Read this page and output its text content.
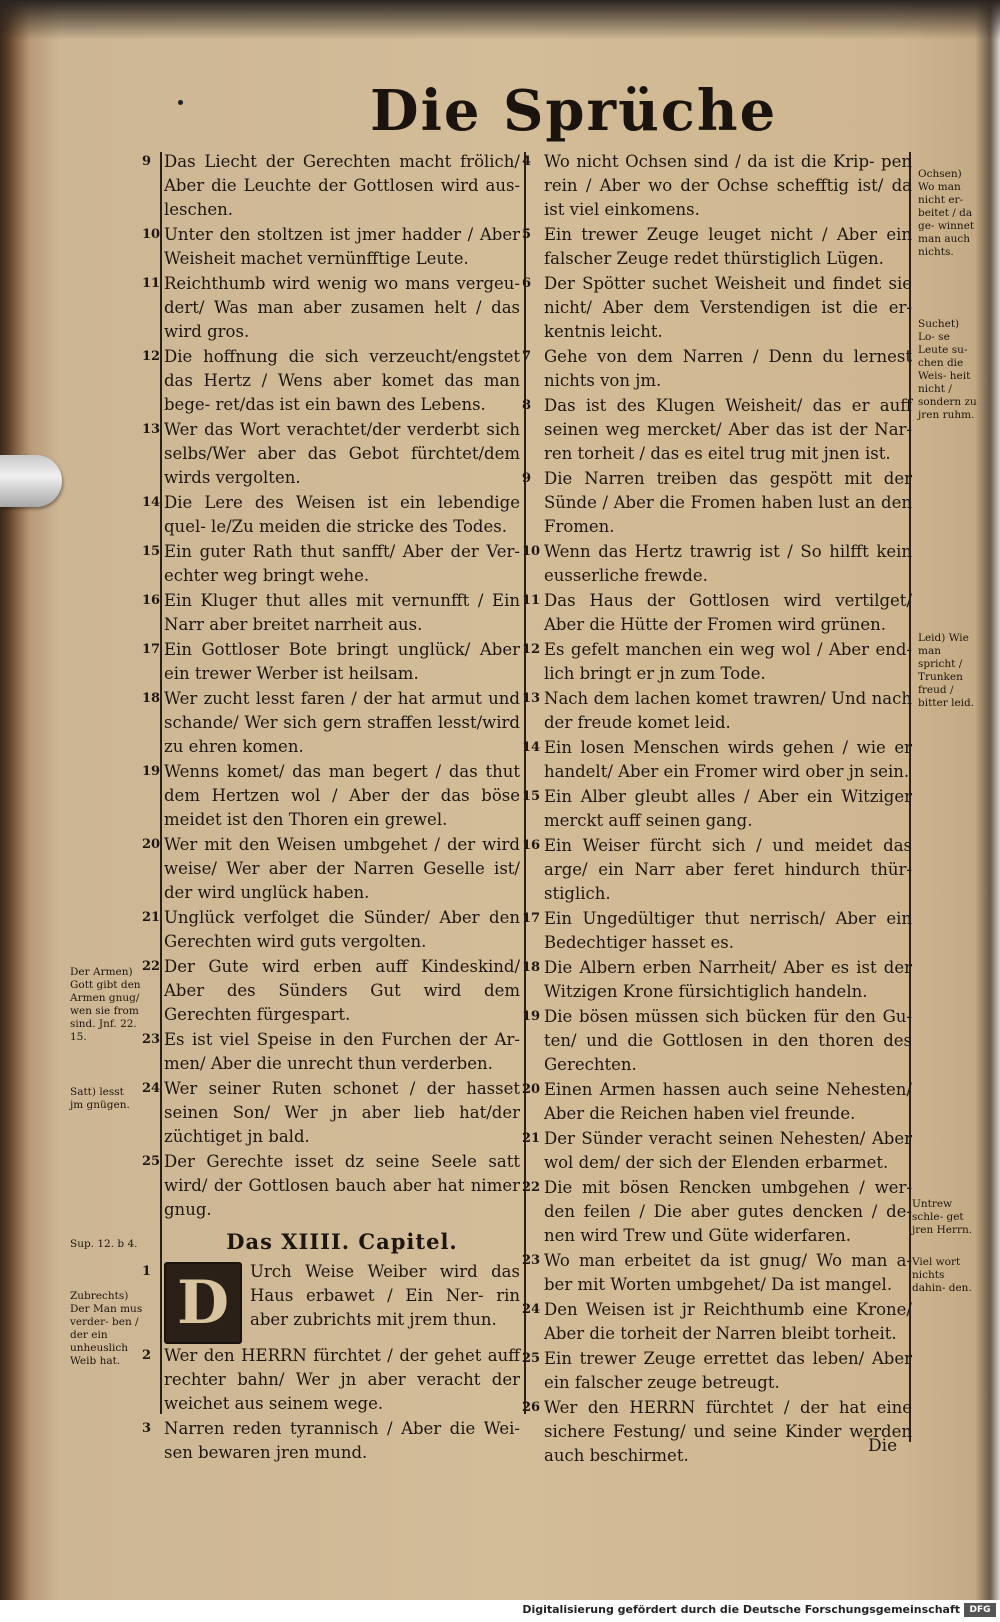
Die Sprüche
9 Das Liecht der Gerechten macht frölich/ Aber die Leuchte der Gottlosen wird aus‑ leschen.
10 Unter den stoltzen ist jmer hadder / Aber Weisheit machet vernünfftige Leute.
11 Reichthumb wird wenig wo mans vergeu‑ dert/ Was man aber zusamen helt / das wird gros.
12 Die hoffnung die sich verzeucht/engstet das Hertz / Wens aber komet das man bege‑ ret/das ist ein bawn des Lebens.
13 Wer das Wort verachtet/der verderbt sich selbs/Wer aber das Gebot fürchtet/dem wirds vergolten.
14 Die Lere des Weisen ist ein lebendige quel‑ le/Zu meiden die stricke des Todes.
15 Ein guter Rath thut sanfft/ Aber der Ver‑ echter weg bringt wehe.
16 Ein Kluger thut alles mit vernunfft / Ein Narr aber breitet narrheit aus.
17 Ein Gottloser Bote bringt unglück/ Aber ein trewer Werber ist heilsam.
18 Wer zucht lesst faren / der hat armut und schande/ Wer sich gern straffen lesst/wird zu ehren komen.
19 Wenns komet/ das man begert / das thut dem Hertzen wol / Aber der das böse meidet ist den Thoren ein grewel.
20 Wer mit den Weisen umbgehet / der wird weise/ Wer aber der Narren Geselle ist/ der wird unglück haben.
21 Unglück verfolget die Sünder/ Aber den Gerechten wird guts vergolten.
22 Der Gute wird erben auff Kindeskind/ Aber des Sünders Gut wird dem Gerechten fürgespart.
23 Es ist viel Speise in den Furchen der Ar‑ men/ Aber die unrecht thun verderben.
24 Wer seiner Ruten schonet / der hasset seinen Son/ Wer jn aber lieb hat/der züchtiget jn bald.
25 Der Gerechte isset dz seine Seele satt wird/ der Gottlosen bauch aber hat nimer gnug.
Das XIIII. Capitel.
1 D	Urch Weise Weiber wird das Haus erbawet / Ein Ner‑ rin aber zubrichts mit jrem thun.
2 Wer den HERRN fürchtet / der gehet auff rechter bahn/ Wer jn aber veracht der weichet aus seinem wege.
3 Narren reden tyrannisch / Aber die Wei‑ sen bewaren jren mund.
4 Wo nicht Ochsen sind / da ist die Krip‑ pen rein / Aber wo der Ochse schefftig ist/ da ist viel einkomens.
5 Ein trewer Zeuge leuget nicht / Aber ein falscher Zeuge redet thürstiglich Lügen.
6 Der Spötter suchet Weisheit und findet sie nicht/ Aber dem Verstendigen ist die er‑ kentnis leicht.
7 Gehe von dem Narren / Denn du lernest nichts von jm.
8 Das ist des Klugen Weisheit/ das er auff seinen weg mercket/ Aber das ist der Nar‑ ren torheit / das es eitel trug mit jnen ist.
9 Die Narren treiben das gespött mit der Sünde / Aber die Fromen haben lust an den Fromen.
10 Wenn das Hertz trawrig ist / So hilfft kein eusserliche frewde.
11 Das Haus der Gottlosen wird vertilget/ Aber die Hütte der Fromen wird grünen.
12 Es gefelt manchen ein weg wol / Aber end‑ lich bringt er jn zum Tode.
13 Nach dem lachen komet trawren/ Und nach der freude komet leid.
14 Ein losen Menschen wirds gehen / wie er handelt/ Aber ein Fromer wird ober jn sein.
15 Ein Alber gleubt alles / Aber ein Witziger merckt auff seinen gang.
16 Ein Weiser fürcht sich / und meidet das arge/ ein Narr aber feret hindurch thür‑ stiglich.
17 Ein Ungedültiger thut nerrisch/ Aber ein Bedechtiger hasset es.
18 Die Albern erben Narrheit/ Aber es ist der Witzigen Krone fürsichtiglich handeln.
19 Die bösen müssen sich bücken für den Gu‑ ten/ und die Gottlosen in den thoren des Gerechten.
20 Einen Armen hassen auch seine Nehesten/ Aber die Reichen haben viel freunde.
21 Der Sünder veracht seinen Nehesten/ Aber wol dem/ der sich der Elenden erbarmet.
22 Die mit bösen Rencken umbgehen / wer‑ den feilen / Die aber gutes dencken / de‑ nen wird Trew und Güte widerfaren.
23 Wo man erbeitet da ist gnug/ Wo man a‑ ber mit Worten umbgehet/ Da ist mangel.
24 Den Weisen ist jr Reichthumb eine Krone/ Aber die torheit der Narren bleibt torheit.
25 Ein trewer Zeuge errettet das leben/ Aber ein falscher zeuge betreugt.
26 Wer den HERRN fürchtet / der hat eine sichere Festung/ und seine Kinder werden auch beschirmet.
Ochsen) Wo man nicht er‑ beitet / da ge‑ winnet man auch nichts.
Suchet) Lo‑ se Leute su‑ chen die Weis‑ heit nicht / sondern zu jren ruhm.
Leid) Wie man spricht / Trunken freud / bitter leid.
Untrew schle‑ get jren Herrn.
Viel wort nichts dahin‑ den.
Der Armen) Gott gibt den Armen gnug/ wen sie from sind. Jnf. 22. 15.
Satt) lesst jm gnügen.
Sup. 12. b 4.
Zubrechts) Der Man mus verder‑ ben / der ein unheuslich Weib hat.
Die
Digitalisierung gefördert durch die Deutsche Forschungsgemeinschaft	DFG
